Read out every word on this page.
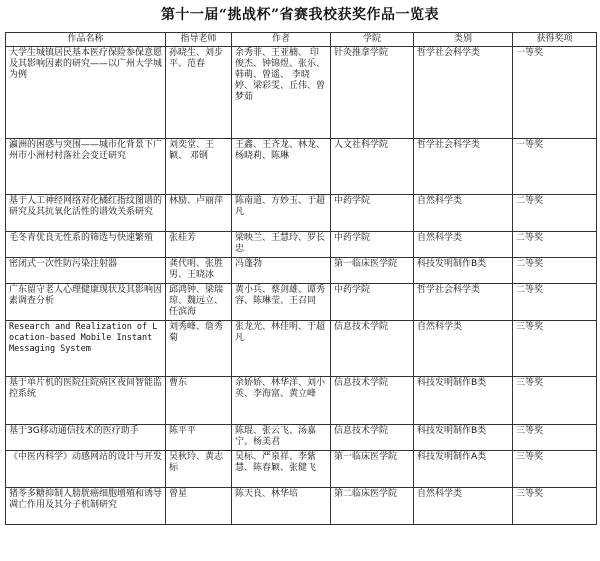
第十一届“挑战杯”省赛我校获奖作品一览表
作品名称	指导老师	作者	学院	类别	获得奖项
大学生城镇居民基本医疗保险参保意愿及其影响因素的研究——以广州大学城为例	孙晓生、刘步平、范春	余秀菲、王亚楠、 印俊杰、钟锦煜、张乐、韩萌、曾遥、 李晓婷、梁彩雯、丘伟、曾梦茹	针灸推拿学院	哲学社会科学类	一等奖
瀛洲的困惑与突围——城市化背景下广州市小洲村村落社会变迁研究	刘奕堂、王 颖、 邓钢	王鑫、王齐龙、林龙、杨晓莉、陈琳	人文社科学院	哲学社会科学类	一等奖
基于人工神经网络对化橘红指纹图谱的研究及其抗氧化活性的谱效关系研究	林励、卢丽萍	陈南道、方妙玉、于超凡	中药学院	自然科学类	二等奖
毛冬青优良无性系的筛选与快速繁殖	张桂芳	梁映兰、王慧玲、罗长忠	中药学院	自然科学类	二等奖
密闭式一次性防污染注射器	龚代明、张胜男、王晓冰	冯蓬勃	第一临床医学院	科技发明制作B类	二等奖
广东留守老人心理健康现状及其影响因素调查分析	邱鸿钟、梁瑞琼、魏远立、任滨海	黄小兵、蔡剑雄、谭秀容、陈琳莹、王召同	中药学院	哲学社会科学类	二等奖
Research and Realization of Location-based Mobile Instant Messaging System	刘秀峰、詹秀菊	张龙光、林佳明、于超凡	信息技术学院	自然科学类	三等奖
基于单片机的医院住院病区夜间智能监控系统	曹东	余娇娇、林华洋、刘小英、李海富、黄立峰	信息技术学院	科技发明制作B类	三等奖
基于3G移动通信技术的医疗助手	陈平平	陈琨、张云飞、汤嘉宁、杨美君	信息技术学院	科技发明制作B类	三等奖
《中医内科学》动感网站的设计与开发	吴秋玲、黄志标	吴标、严泉祥、李紫慧、陈春颖、张健飞	第一临床医学院	科技发明制作A类	三等奖
猪苓多糖抑制人膀胱癌细胞增殖和诱导凋亡作用及其分子机制研究	曾星	陈天良、林华培	第二临床医学院	自然科学类	三等奖
